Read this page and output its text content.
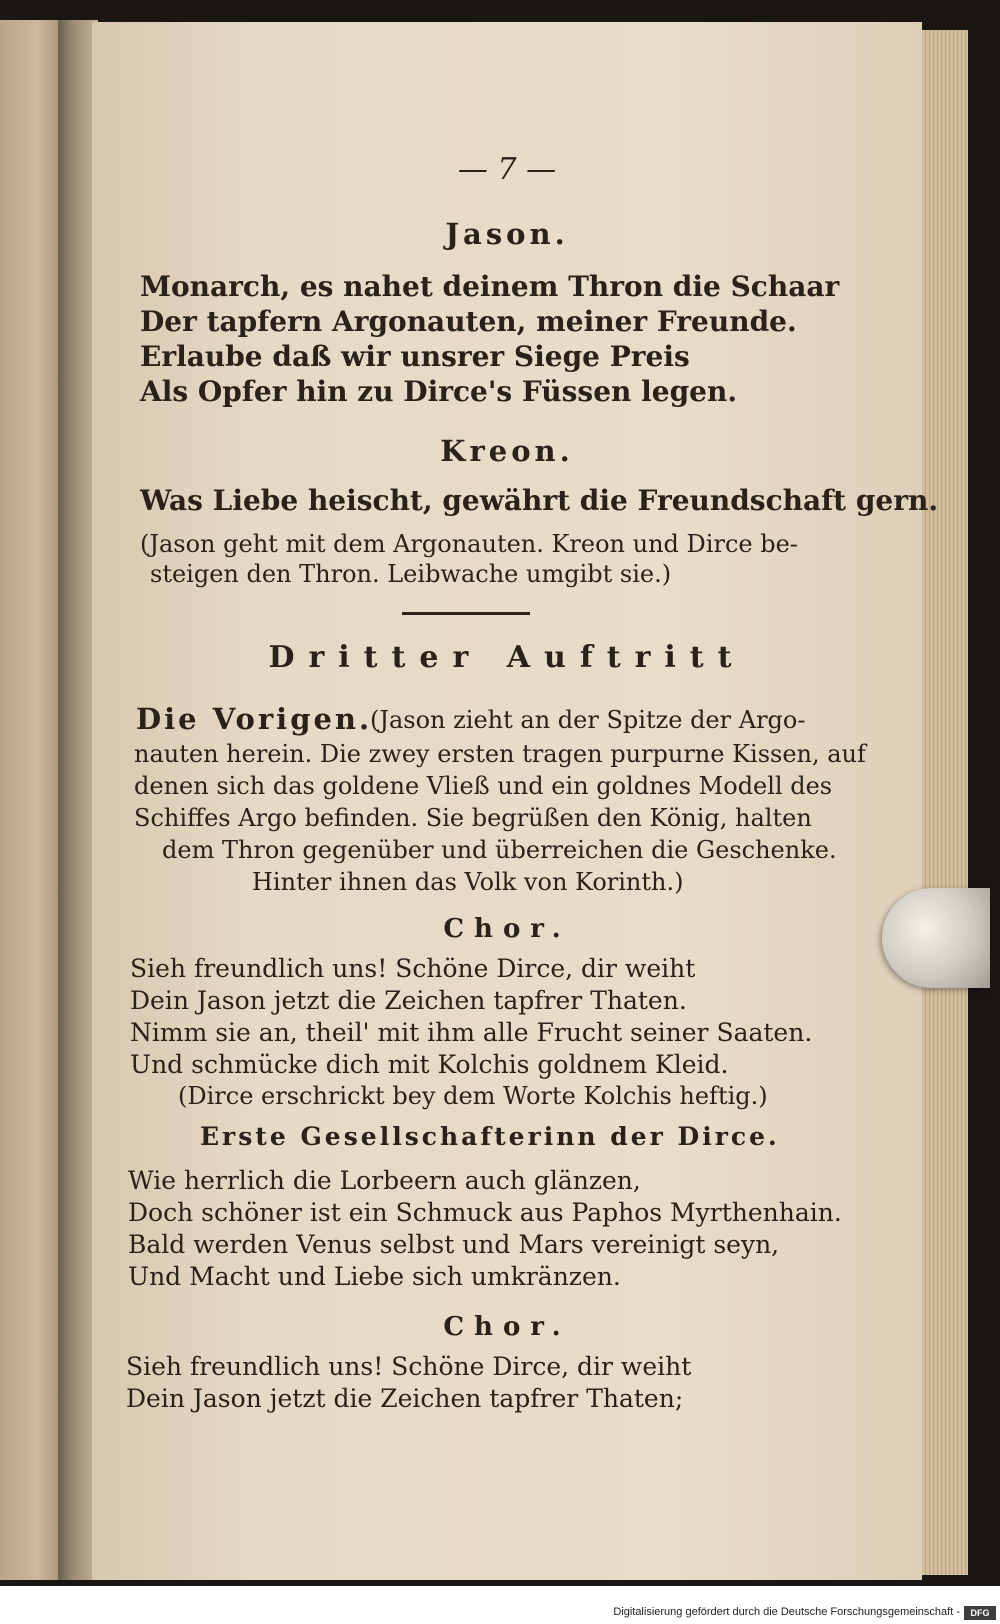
— 7 —
Jason.
Monarch, es nahet deinem Thron die Schaar
Der tapfern Argonauten, meiner Freunde.
Erlaube daß wir unsrer Siege Preis
Als Opfer hin zu Dirce's Füssen legen.
Kreon.
Was Liebe heischt, gewährt die Freundschaft gern.
(Jason geht mit dem Argonauten. Kreon und Dirce be-
steigen den Thron. Leibwache umgibt sie.)
Dritter Auftritt
Die Vorigen.
(Jason zieht an der Spitze der Argo-
nauten herein. Die zwey ersten tragen purpurne Kissen, auf
denen sich das goldene Vließ und ein goldnes Modell des
Schiffes Argo befinden. Sie begrüßen den König, halten
dem Thron gegenüber und überreichen die Geschenke.
Hinter ihnen das Volk von Korinth.)
Chor.
Sieh freundlich uns! Schöne Dirce, dir weiht
Dein Jason jetzt die Zeichen tapfrer Thaten.
Nimm sie an, theil' mit ihm alle Frucht seiner Saaten.
Und schmücke dich mit Kolchis goldnem Kleid.
(Dirce erschrickt bey dem Worte Kolchis heftig.)
Erste Gesellschafterinn der Dirce.
Wie herrlich die Lorbeern auch glänzen,
Doch schöner ist ein Schmuck aus Paphos Myrthenhain.
Bald werden Venus selbst und Mars vereinigt seyn,
Und Macht und Liebe sich umkränzen.
Chor.
Sieh freundlich uns! Schöne Dirce, dir weiht
Dein Jason jetzt die Zeichen tapfrer Thaten;
Digitalisierung gefördert durch die Deutsche Forschungsgemeinschaft -	DFG
